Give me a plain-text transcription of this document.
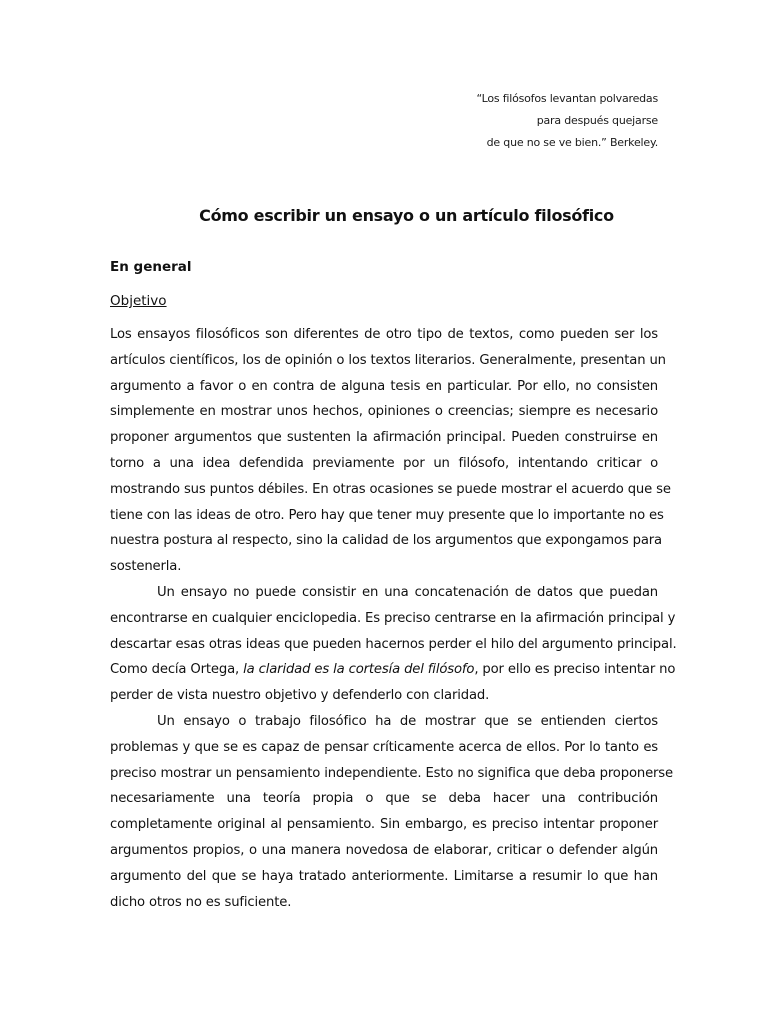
“Los filósofos levantan polvaredas
para después quejarse
de que no se ve bien.” Berkeley.
Cómo escribir un ensayo o un artículo filosófico
En general
Objetivo
Los ensayos filosóficos son diferentes de otro tipo de textos, como pueden ser los
artículos científicos, los de opinión o los textos literarios. Generalmente, presentan un
argumento a favor o en contra de alguna tesis en particular. Por ello, no consisten
simplemente en mostrar unos hechos, opiniones o creencias; siempre es necesario
proponer argumentos que sustenten la afirmación principal. Pueden construirse en
torno a una idea defendida previamente por un filósofo, intentando criticar o
mostrando sus puntos débiles. En otras ocasiones se puede mostrar el acuerdo que se
tiene con las ideas de otro. Pero hay que tener muy presente que lo importante no es
nuestra postura al respecto, sino la calidad de los argumentos que expongamos para
sostenerla.
Un ensayo no puede consistir en una concatenación de datos que puedan
encontrarse en cualquier enciclopedia. Es preciso centrarse en la afirmación principal y
descartar esas otras ideas que pueden hacernos perder el hilo del argumento principal.
Como decía Ortega, la claridad es la cortesía del filósofo, por ello es preciso intentar no
perder de vista nuestro objetivo y defenderlo con claridad.
Un ensayo o trabajo filosófico ha de mostrar que se entienden ciertos
problemas y que se es capaz de pensar críticamente acerca de ellos. Por lo tanto es
preciso mostrar un pensamiento independiente. Esto no significa que deba proponerse
necesariamente una teoría propia o que se deba hacer una contribución
completamente original al pensamiento. Sin embargo, es preciso intentar proponer
argumentos propios, o una manera novedosa de elaborar, criticar o defender algún
argumento del que se haya tratado anteriormente. Limitarse a resumir lo que han
dicho otros no es suficiente.
